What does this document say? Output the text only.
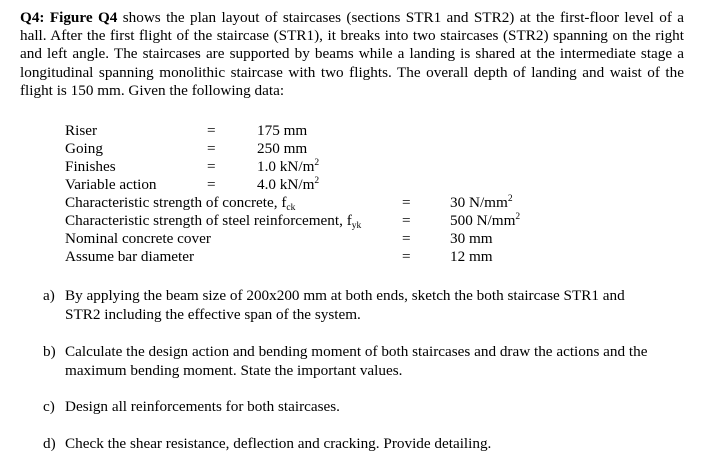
Q4: Figure Q4 shows the plan layout of staircases (sections STR1 and STR2) at the first-floor level of a hall. After the first flight of the staircase (STR1), it breaks into two staircases (STR2) spanning on the right and left angle. The staircases are supported by beams while a landing is shared at the intermediate stage a longitudinal spanning monolithic staircase with two flights. The overall depth of landing and waist of the flight is 150 mm. Given the following data:
Riser	=	175 mm
Going	=	250 mm
Finishes	=	1.0 $kN/m^2$
Variable action	=	4.0 $kN/m^2$
Characteristic strength of concrete, $f_{ck}$	=	30 $N/mm^2$
Characteristic strength of steel reinforcement, $f_{yk}$	=	500 $N/mm^2$
Nominal concrete cover	=	30 mm
Assume bar diameter	=	12 mm
a) By applying the beam size of 200x200 mm at both ends, sketch the both staircase STR1 and STR2 including the effective span of the system.
b) Calculate the design action and bending moment of both staircases and draw the actions and the maximum bending moment. State the important values.
c) Design all reinforcements for both staircases.
d) Check the shear resistance, deflection and cracking. Provide detailing.
